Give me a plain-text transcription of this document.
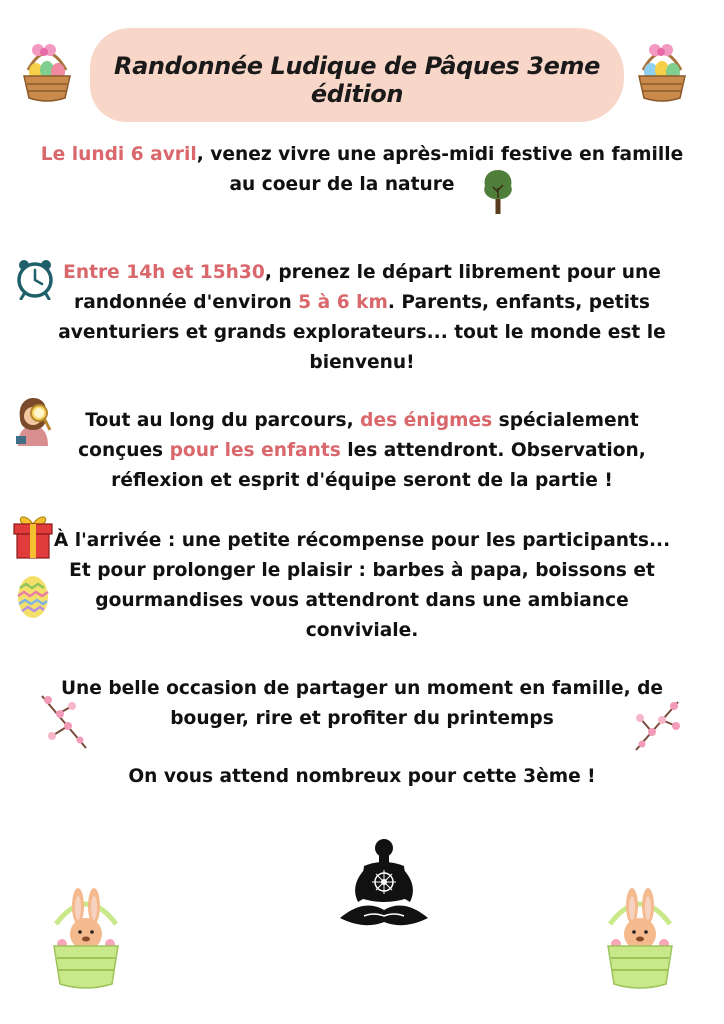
Randonnée Ludique de Pâques 3eme édition
Le lundi 6 avril, venez vivre une après-midi festive en famille
au coeur de la nature
Entre 14h et 15h30, prenez le départ librement pour une
randonnée d'environ 5 à 6 km. Parents, enfants, petits
aventuriers et grands explorateurs... tout le monde est le
bienvenu!
Tout au long du parcours, des énigmes spécialement
conçues pour les enfants les attendront. Observation,
réflexion et esprit d'équipe seront de la partie !
À l'arrivée : une petite récompense pour les participants...
Et pour prolonger le plaisir : barbes à papa, boissons et
gourmandises vous attendront dans une ambiance
conviviale.
Une belle occasion de partager un moment en famille, de
bouger, rire et profiter du printemps
On vous attend nombreux pour cette 3ème !
